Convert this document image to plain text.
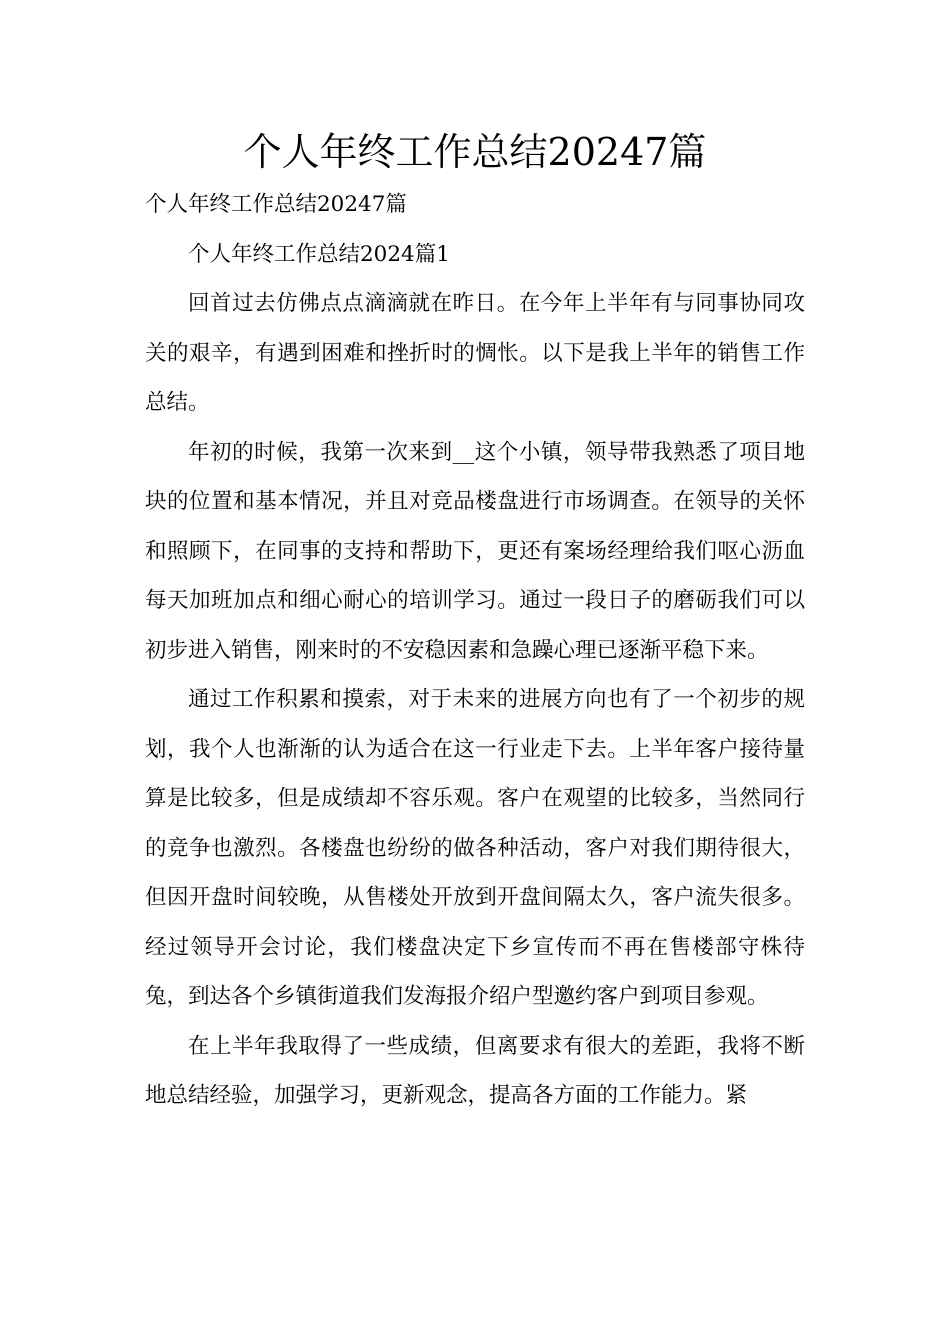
个人年终工作总结20247篇

个人年终工作总结20247篇

个人年终工作总结2024篇1

回首过去仿佛点点滴滴就在昨日。在今年上半年有与同事协同攻关的艰辛，有遇到困难和挫折时的惆怅。以下是我上半年的销售工作总结。

年初的时候，我第一次来到__这个小镇，领导带我熟悉了项目地块的位置和基本情况，并且对竞品楼盘进行市场调查。在领导的关怀和照顾下，在同事的支持和帮助下，更还有案场经理给我们呕心沥血每天加班加点和细心耐心的培训学习。通过一段日子的磨砺我们可以初步进入销售，刚来时的不安稳因素和急躁心理已逐渐平稳下来。

通过工作积累和摸索，对于未来的进展方向也有了一个初步的规划，我个人也渐渐的认为适合在这一行业走下去。上半年客户接待量算是比较多，但是成绩却不容乐观。客户在观望的比较多，当然同行的竞争也激烈。各楼盘也纷纷的做各种活动，客户对我们期待很大，但因开盘时间较晚，从售楼处开放到开盘间隔太久，客户流失很多。经过领导开会讨论，我们楼盘决定下乡宣传而不再在售楼部守株待兔，到达各个乡镇街道我们发海报介绍户型邀约客户到项目参观。

在上半年我取得了一些成绩，但离要求有很大的差距，我将不断地总结经验，加强学习，更新观念，提高各方面的工作能力。紧
